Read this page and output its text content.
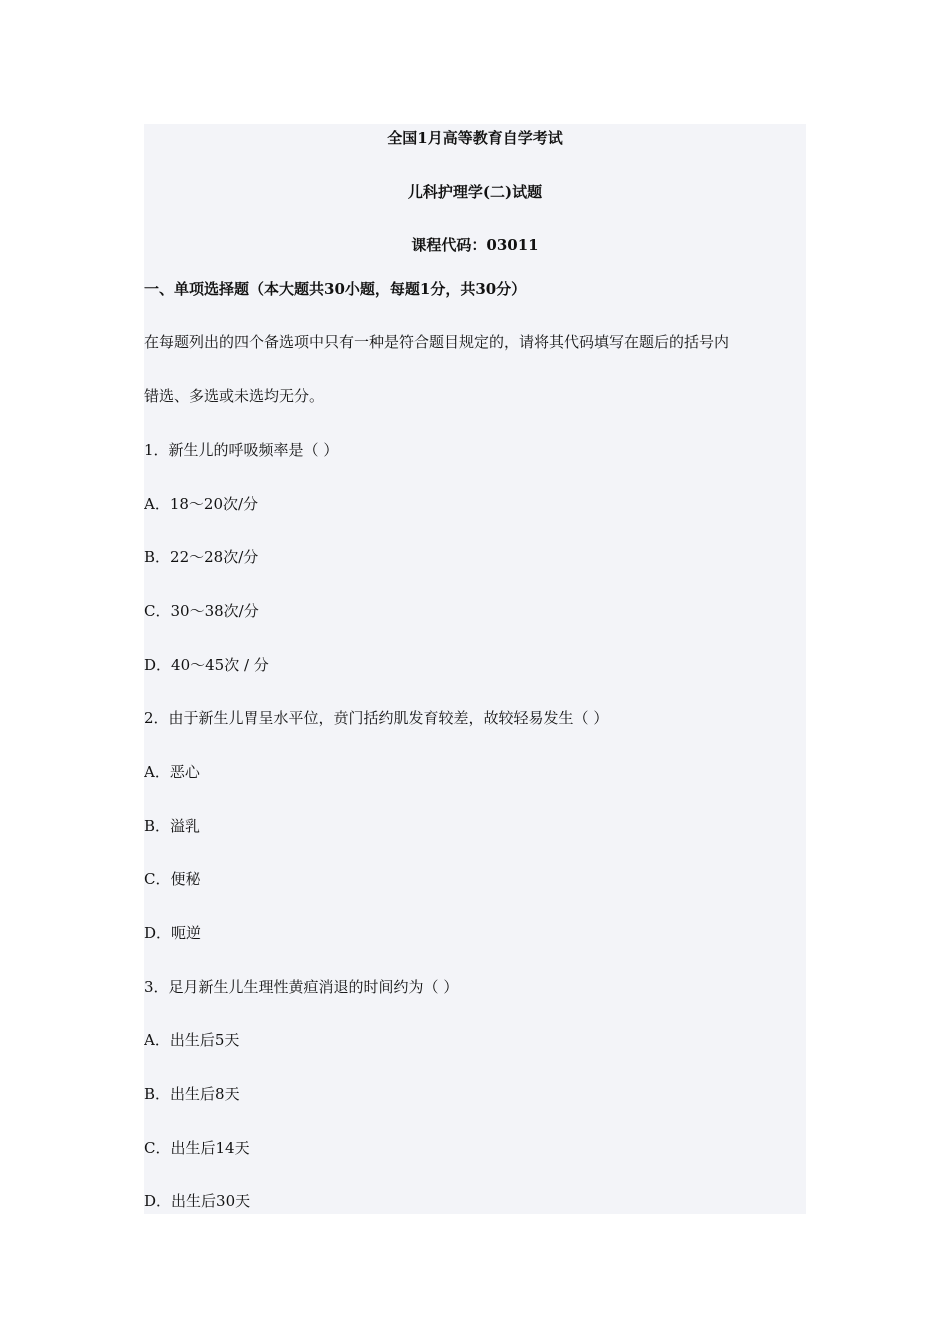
全国1月高等教育自学考试
儿科护理学(二)试题
课程代码：03011
一、单项选择题（本大题共30小题，每题1分，共30分）
在每题列出的四个备选项中只有一种是符合题目规定的，请将其代码填写在题后的括号内
错选、多选或未选均无分。
1．新生儿的呼吸频率是（ ）
A．18～20次/分
B．22～28次/分
C．30～38次/分
D．40～45次 / 分
2．由于新生儿胃呈水平位，贲门括约肌发育较差，故较轻易发生（ ）
A．恶心
B．溢乳
C．便秘
D．呃逆
3．足月新生儿生理性黄疸消退的时间约为（ ）
A．出生后5天
B．出生后8天
C．出生后14天
D．出生后30天
